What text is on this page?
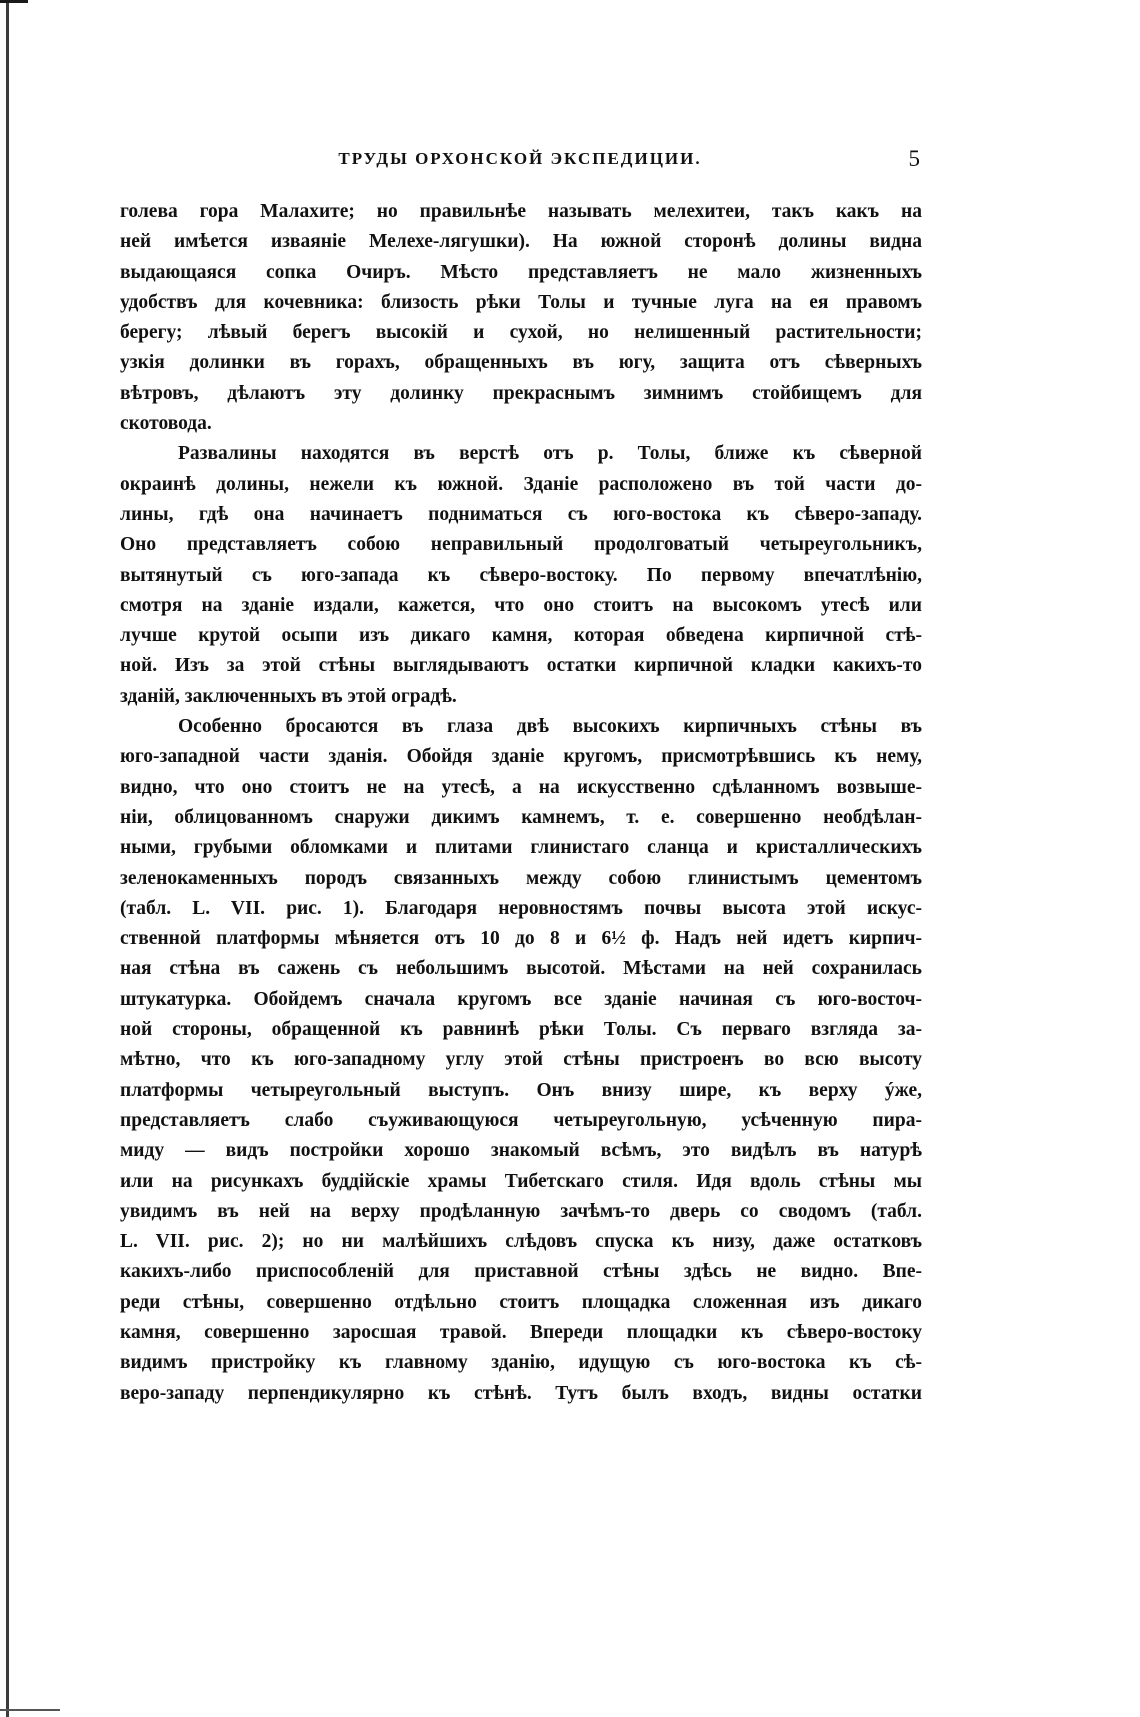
ТРУДЫ ОРХОНСКОЙ ЭКСПЕДИЦИИ.	5
голева гора Малахите; но правильнѣе называть мелехитеи, такъ какъ на
ней имѣется изваяніе Мелехе-лягушки). На южной сторонѣ долины видна
выдающаяся сопка Очиръ. Мѣсто представляетъ не мало жизненныхъ
удобствъ для кочевника: близость рѣки Толы и тучные луга на ея правомъ
берегу; лѣвый берегъ высокій и сухой, но нелишенный растительности;
узкія долинки въ горахъ, обращенныхъ въ югу, защита отъ сѣверныхъ
вѣтровъ, дѣлаютъ эту долинку прекраснымъ зимнимъ стойбищемъ для
скотовода.
Развалины находятся въ верстѣ отъ р. Толы, ближе къ сѣверной
окраинѣ долины, нежели къ южной. Зданіе расположено въ той части до-
лины, гдѣ она начинаетъ подниматься съ юго-востока къ сѣверо-западу.
Оно представляетъ собою неправильный продолговатый четыреугольникъ,
вытянутый съ юго-запада къ сѣверо-востоку. По первому впечатлѣнію,
смотря на зданіе издали, кажется, что оно стоитъ на высокомъ утесѣ или
лучше крутой осыпи изъ дикаго камня, которая обведена кирпичной стѣ-
ной. Изъ за этой стѣны выглядываютъ остатки кирпичной кладки какихъ-то
зданій, заключенныхъ въ этой оградѣ.
Особенно бросаются въ глаза двѣ высокихъ кирпичныхъ стѣны въ
юго-западной части зданія. Обойдя зданіе кругомъ, присмотрѣвшись къ нему,
видно, что оно стоитъ не на утесѣ, а на искусственно сдѣланномъ возвыше-
ніи, облицованномъ снаружи дикимъ камнемъ, т. е. совершенно необдѣлан-
ными, грубыми обломками и плитами глинистаго сланца и кристаллическихъ
зеленокаменныхъ породъ связанныхъ между собою глинистымъ цементомъ
(табл. L. VII. рис. 1). Благодаря неровностямъ почвы высота этой искус-
ственной платформы мѣняется отъ 10 до 8 и 6½ ф. Надъ ней идетъ кирпич-
ная стѣна въ сажень съ небольшимъ высотой. Мѣстами на ней сохранилась
штукатурка. Обойдемъ сначала кругомъ все зданіе начиная съ юго-восточ-
ной стороны, обращенной къ равнинѣ рѣки Толы. Съ перваго взгляда за-
мѣтно, что къ юго-западному углу этой стѣны пристроенъ во всю высоту
платформы четыреугольный выступъ. Онъ внизу шире, къ верху ýже,
представляетъ слабо съуживающуюся четыреугольную, усѣченную пира-
миду — видъ постройки хорошо знакомый всѣмъ, это видѣлъ въ натурѣ
или на рисункахъ буддійскіе храмы Тибетскаго стиля. Идя вдоль стѣны мы
увидимъ въ ней на верху продѣланную зачѣмъ-то дверь со сводомъ (табл.
L. VII. рис. 2); но ни малѣйшихъ слѣдовъ спуска къ низу, даже остатковъ
какихъ-либо приспособленій для приставной стѣны здѣсь не видно. Впе-
реди стѣны, совершенно отдѣльно стоитъ площадка сложенная изъ дикаго
камня, совершенно заросшая травой. Впереди площадки къ сѣверо-востоку
видимъ пристройку къ главному зданію, идущую съ юго-востока къ сѣ-
веро-западу перпендикулярно къ стѣнѣ. Тутъ былъ входъ, видны остатки
